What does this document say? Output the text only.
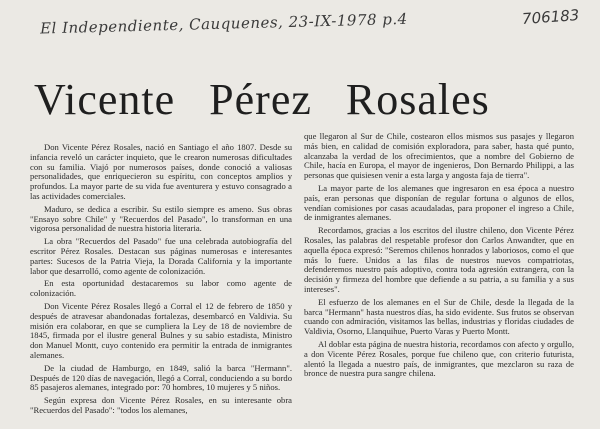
El Independiente, Cauquenes, 23-IX-1978 p.4	706183
Vicente Pérez Rosales

Don Vicente Pérez Rosales, nació en Santiago el año 1807. Desde su infancia reveló un carácter inquieto, que le crearon numerosas dificultades con su familia. Viajó por numerosos países, donde conoció a valiosas personalidades, que enriquecieron su espíritu, con conceptos amplios y profundos. La mayor parte de su vida fue aventurera y estuvo consagrado a las actividades comerciales.

Maduro, se dedica a escribir. Su estilo siempre es ameno. Sus obras "Ensayo sobre Chile" y "Recuerdos del Pasado", lo transforman en una vigorosa personalidad de nuestra historia literaria.

La obra "Recuerdos del Pasado" fue una celebrada autobiografía del escritor Pérez Rosales. Destacan sus páginas numerosas e interesantes partes: Sucesos de la Patria Vieja, la Dorada California y la importante labor que desarrolló, como agente de colonización.

En esta oportunidad destacaremos su labor como agente de colonización.

Don Vicente Pérez Rosales llegó a Corral el 12 de febrero de 1850 y después de atravesar abandonadas fortalezas, desembarcó en Valdivia. Su misión era colaborar, en que se cumpliera la Ley de 18 de noviembre de 1845, firmada por el ilustre general Bulnes y su sabio estadista, Ministro don Manuel Montt, cuyo contenido era permitir la entrada de inmigrantes alemanes.

De la ciudad de Hamburgo, en 1849, salió la barca "Hermann". Después de 120 días de navegación, llegó a Corral, conduciendo a su bordo 85 pasajeros alemanes, integrado por: 70 hombres, 10 mujeres y 5 niños.

Según expresa don Vicente Pérez Rosales, en su interesante obra "Recuerdos del Pasado": "todos los alemanes,

que llegaron al Sur de Chile, costearon ellos mismos sus pasajes y llegaron más bien, en calidad de comisión exploradora, para saber, hasta qué punto, alcanzaba la verdad de los ofrecimientos, que a nombre del Gobierno de Chile, hacía en Europa, el mayor de ingenieros, Don Bernardo Philippi, a las personas que quisiesen venir a esta larga y angosta faja de tierra".

La mayor parte de los alemanes que ingresaron en esa época a nuestro país, eran personas que disponían de regular fortuna o algunos de ellos, vendían comisiones por casas acaudaladas, para proponer el ingreso a Chile, de inmigrantes alemanes.

Recordamos, gracias a los escritos del ilustre chileno, don Vicente Pérez Rosales, las palabras del respetable profesor don Carlos Anwandter, que en aquella época expresó: "Seremos chilenos honrados y laboriosos, como el que más lo fuere. Unidos a las filas de nuestros nuevos compatriotas, defenderemos nuestro país adoptivo, contra toda agresión extrangera, con la decisión y firmeza del hombre que defiende a su patria, a su familia y a sus intereses".

El esfuerzo de los alemanes en el Sur de Chile, desde la llegada de la barca "Hermann" hasta nuestros días, ha sido evidente. Sus frutos se observan cuando con admiración, visitamos las bellas, industrias y floridas ciudades de Valdivia, Osorno, Llanquihue, Puerto Varas y Puerto Montt.

Al doblar esta página de nuestra historia, recordamos con afecto y orgullo, a don Vicente Pérez Rosales, porque fue chileno que, con criterio futurista, alentó la llegada a nuestro país, de inmigrantes, que mezclaron su raza de bronce de nuestra pura sangre chilena.
